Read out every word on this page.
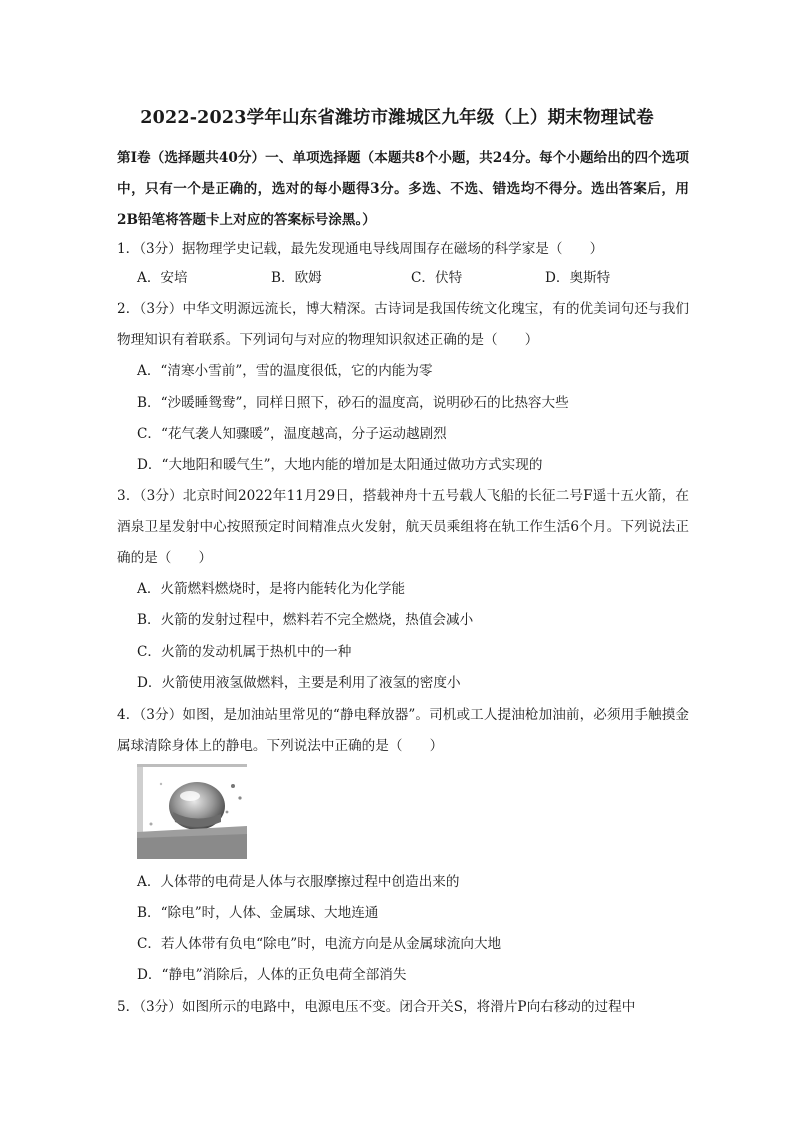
2022-2023学年山东省潍坊市潍城区九年级（上）期末物理试卷
第Ⅰ卷（选择题共40分）一、单项选择题（本题共8个小题，共24分。每个小题给出的四个选项中，只有一个是正确的，选对的每小题得3分。多选、不选、错选均不得分。选出答案后，用2B铅笔将答题卡上对应的答案标号涂黑。）
1．（3分）据物理学史记载，最先发现通电导线周围存在磁场的科学家是（　　）
A．安培	B．欧姆	C．伏特	D．奥斯特
2．（3分）中华文明源远流长，博大精深。古诗词是我国传统文化瑰宝，有的优美词句还与我们物理知识有着联系。下列词句与对应的物理知识叙述正确的是（　　）
A．“清寒小雪前”，雪的温度很低，它的内能为零
B．“沙暖睡鸳鸯”，同样日照下，砂石的温度高，说明砂石的比热容大些
C．“花气袭人知骤暖”，温度越高，分子运动越剧烈
D．“大地阳和暖气生”，大地内能的增加是太阳通过做功方式实现的
3．（3分）北京时间2022年11月29日，搭载神舟十五号载人飞船的长征二号F遥十五火箭，在酒泉卫星发射中心按照预定时间精准点火发射，航天员乘组将在轨工作生活6个月。下列说法正确的是（　　）
A．火箭燃料燃烧时，是将内能转化为化学能
B．火箭的发射过程中，燃料若不完全燃烧，热值会减小
C．火箭的发动机属于热机中的一种
D．火箭使用液氢做燃料，主要是利用了液氢的密度小
4．（3分）如图，是加油站里常见的“静电释放器”。司机或工人提油枪加油前，必须用手触摸金属球清除身体上的静电。下列说法中正确的是（　　）
A．人体带的电荷是人体与衣服摩擦过程中创造出来的
B．“除电”时，人体、金属球、大地连通
C．若人体带有负电“除电”时，电流方向是从金属球流向大地
D．“静电”消除后，人体的正负电荷全部消失
5．（3分）如图所示的电路中，电源电压不变。闭合开关S，将滑片P向右移动的过程中
